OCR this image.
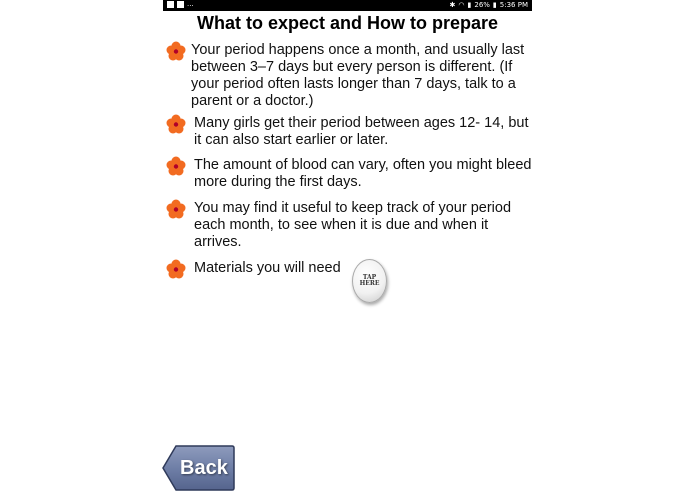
...	✱ ◠ ▮ 26% ▮ 5:36 PM
What to expect and How to prepare
Your period happens once a month, and usually last between 3–7 days but every person is different. (If your period often lasts longer than 7 days, talk to a parent or a doctor.)
Many girls get their period between ages 12- 14, but it can also start earlier or later.
The amount of blood can vary, often you might bleed more during the first days.
You may find it useful to keep track of your period each month, to see when it is due and when it arrives.
Materials you will need
TAP
HERE
Back
